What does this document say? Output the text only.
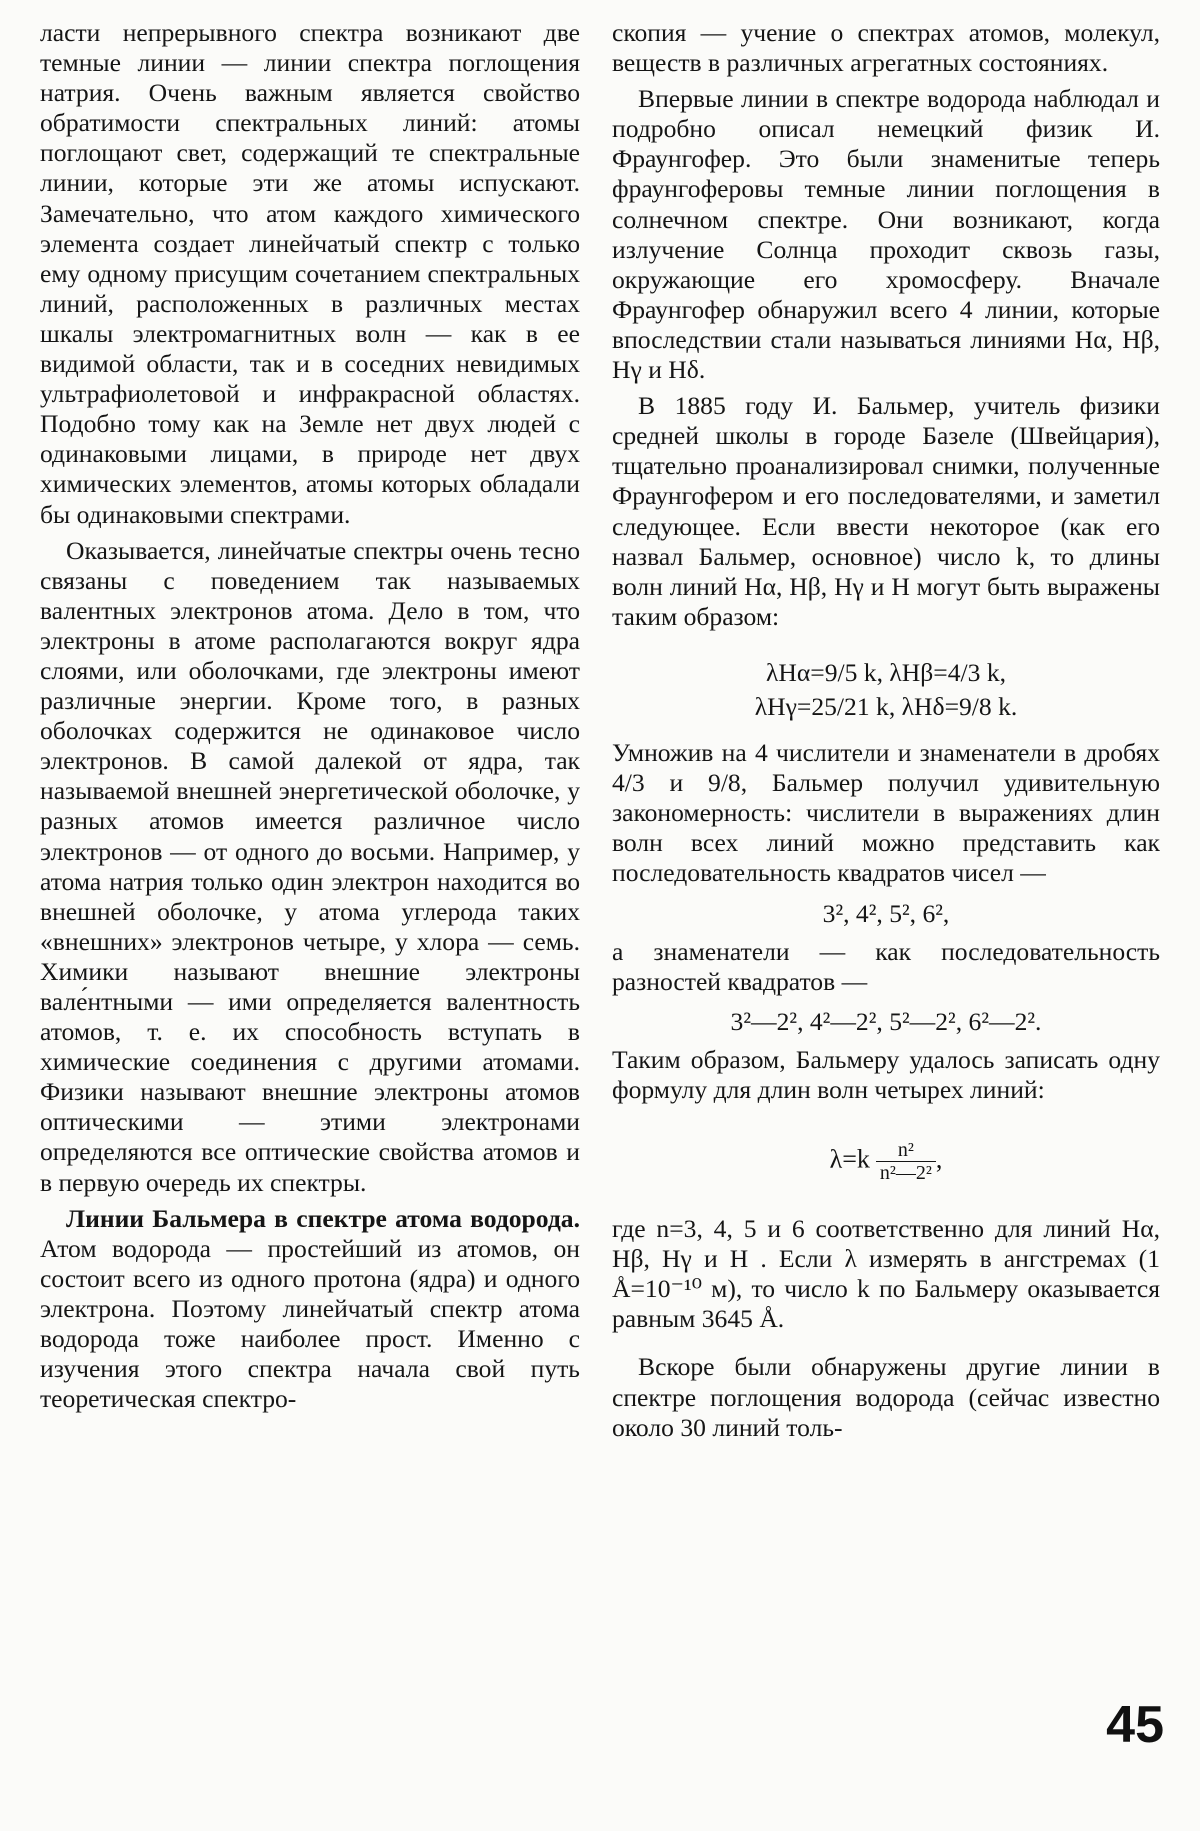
ласти непрерывного спектра возникают две темные линии — линии спектра поглощения натрия. Очень важным является свойство обратимости спектральных линий: атомы поглощают свет, содержащий те спектральные линии, которые эти же атомы испускают. Замечательно, что атом каждого химического элемента создает линейчатый спектр с только ему одному присущим сочетанием спектральных линий, расположенных в различных местах шкалы электромагнитных волн — как в ее видимой области, так и в соседних невидимых ультрафиолетовой и инфракрасной областях. Подобно тому как на Земле нет двух людей с одинаковыми лицами, в природе нет двух химических элементов, атомы которых обладали бы одинаковыми спектрами.

Оказывается, линейчатые спектры очень тесно связаны с поведением так называемых валентных электронов атома. Дело в том, что электроны в атоме располагаются вокруг ядра слоями, или оболочками, где электроны имеют различные энергии. Кроме того, в разных оболочках содержится не одинаковое число электронов. В самой далекой от ядра, так называемой внешней энергетической оболочке, у разных атомов имеется различное число электронов — от одного до восьми. Например, у атома натрия только один электрон находится во внешней оболочке, у атома углерода таких «внешних» электронов четыре, у хлора — семь. Химики называют внешние электроны вале́нтными — ими определяется валентность атомов, т. е. их способность вступать в химические соединения с другими атомами. Физики называют внешние электроны атомов оптическими — этими электронами определяются все оптические свойства атомов и в первую очередь их спектры.

Линии Бальмера в спектре атома водорода. Атом водорода — простейший из атомов, он состоит всего из одного протона (ядра) и одного электрона. Поэтому линейчатый спектр атома водорода тоже наиболее прост. Именно с изучения этого спектра начала свой путь теоретическая спектро-

скопия — учение о спектрах атомов, молекул, веществ в различных агрегатных состояниях.

Впервые линии в спектре водорода наблюдал и подробно описал немецкий физик И. Фраунгофер. Это были знаменитые теперь фраунгоферовы темные линии поглощения в солнечном спектре. Они возникают, когда излучение Солнца проходит сквозь газы, окружающие его хромосферу. Вначале Фраунгофер обнаружил всего 4 линии, которые впоследствии стали называться линиями Hα, Hβ, Hγ и Hδ.

В 1885 году И. Бальмер, учитель физики средней школы в городе Базеле (Швейцария), тщательно проанализировал снимки, полученные Фраунгофером и его последователями, и заметил следующее. Если ввести некоторое (как его назвал Бальмер, основное) число k, то длины волн линий Hα, Hβ, Hγ и H могут быть выражены таким образом:

λHα=9/5 k, λHβ=4/3 k,
λHγ=25/21 k, λHδ=9/8 k.

Умножив на 4 числители и знаменатели в дробях 4/3 и 9/8, Бальмер получил удивительную закономерность: числители в выражениях длин волн всех линий можно представить как последовательность квадратов чисел —

3², 4², 5², 6²,

а знаменатели — как последовательность разностей квадратов —

3²—2², 4²—2², 5²—2², 6²—2².

Таким образом, Бальмеру удалось записать одну формулу для длин волн четырех линий:

$\lambda=k \frac{\text{n²}}{\text{n²—2²}}$ ,

где n=3, 4, 5 и 6 соответственно для линий Hα, Hβ, Hγ и H . Если λ измерять в ангстремах (1 Å=10⁻¹⁰ м), то число k по Бальмеру оказывается равным 3645 Å.

Вскоре были обнаружены другие линии в спектре поглощения водорода (сейчас известно около 30 линий толь-

45
